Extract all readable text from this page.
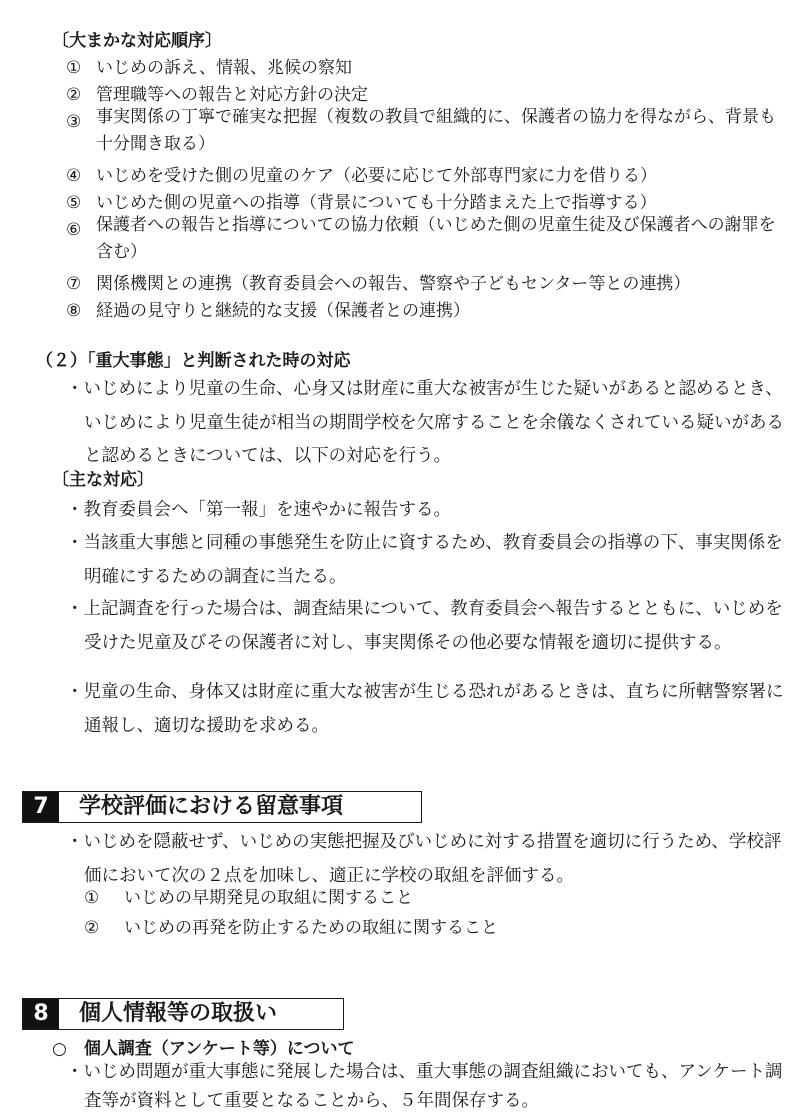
〔大まかな対応順序〕
① いじめの訴え、情報、兆候の察知
② 管理職等への報告と対応方針の決定
③ 事実関係の丁寧で確実な把握（複数の教員で組織的に、保護者の協力を得ながら、背景も十分聞き取る）
④ いじめを受けた側の児童のケア（必要に応じて外部専門家に力を借りる）
⑤ いじめた側の児童への指導（背景についても十分踏まえた上で指導する）
⑥ 保護者への報告と指導についての協力依頼（いじめた側の児童生徒及び保護者への謝罪を含む）
⑦ 関係機関との連携（教育委員会への報告、警察や子どもセンター等との連携）
⑧ 経過の見守りと継続的な支援（保護者との連携）
（２）「重大事態」と判断された時の対応
・いじめにより児童の生命、心身又は財産に重大な被害が生じた疑いがあると認めるとき、いじめにより児童生徒が相当の期間学校を欠席することを余儀なくされている疑いがあると認めるときについては、以下の対応を行う。
〔主な対応〕
・教育委員会へ「第一報」を速やかに報告する。
・当該重大事態と同種の事態発生を防止に資するため、教育委員会の指導の下、事実関係を明確にするための調査に当たる。
・上記調査を行った場合は、調査結果について、教育委員会へ報告するとともに、いじめを受けた児童及びその保護者に対し、事実関係その他必要な情報を適切に提供する。
・児童の生命、身体又は財産に重大な被害が生じる恐れがあるときは、直ちに所轄警察署に通報し、適切な援助を求める。
7	学校評価における留意事項
・いじめを隠蔽せず、いじめの実態把握及びいじめに対する措置を適切に行うため、学校評価において次の２点を加味し、適正に学校の取組を評価する。
① いじめの早期発見の取組に関すること
② いじめの再発を防止するための取組に関すること
8	個人情報等の取扱い
○　個人調査（アンケート等）について
・いじめ問題が重大事態に発展した場合は、重大事態の調査組織においても、アンケート調査等が資料として重要となることから、５年間保存する。
